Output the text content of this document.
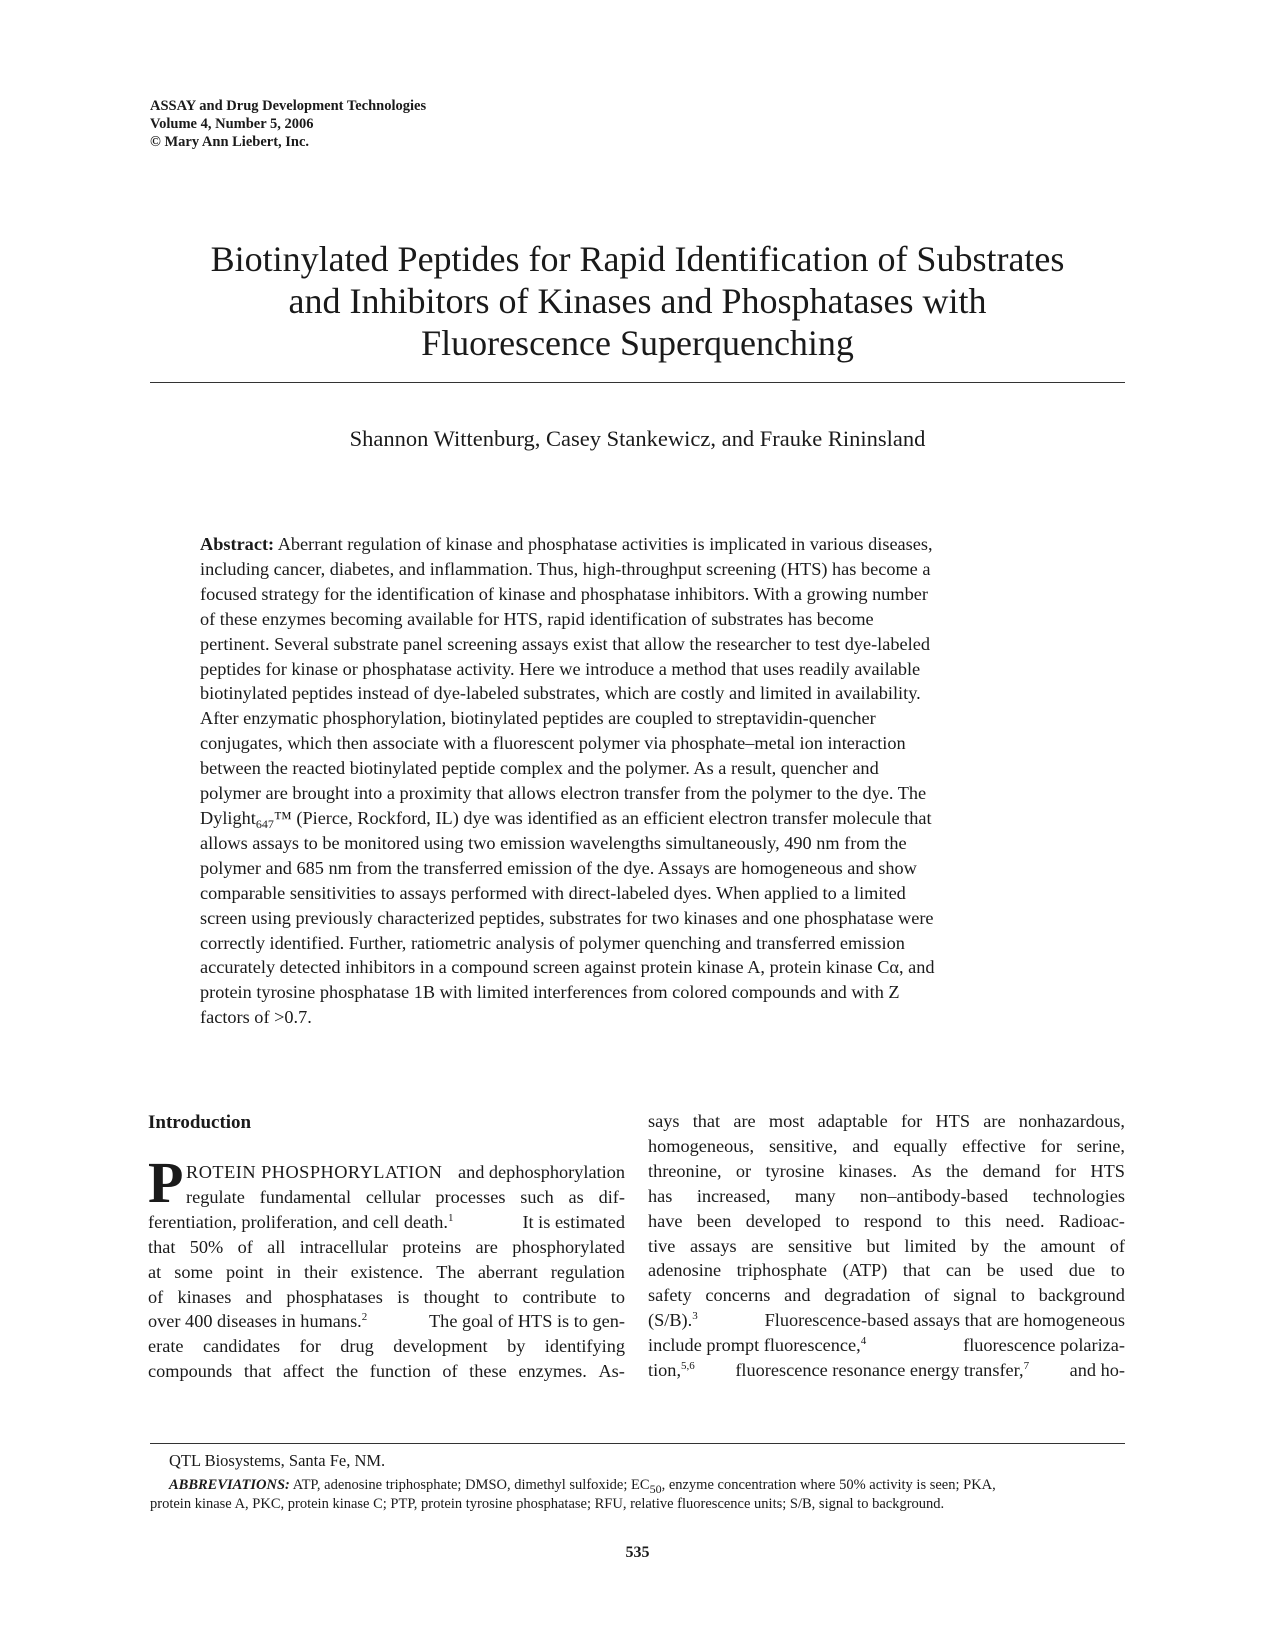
ASSAY and Drug Development Technologies
Volume 4, Number 5, 2006
© Mary Ann Liebert, Inc.
Biotinylated Peptides for Rapid Identification of Substrates
and Inhibitors of Kinases and Phosphatases with
Fluorescence Superquenching
Shannon Wittenburg, Casey Stankewicz, and Frauke Rininsland
Abstract: Aberrant regulation of kinase and phosphatase activities is implicated in various diseases,
including cancer, diabetes, and inflammation. Thus, high-throughput screening (HTS) has become a
focused strategy for the identification of kinase and phosphatase inhibitors. With a growing number
of these enzymes becoming available for HTS, rapid identification of substrates has become
pertinent. Several substrate panel screening assays exist that allow the researcher to test dye-labeled
peptides for kinase or phosphatase activity. Here we introduce a method that uses readily available
biotinylated peptides instead of dye-labeled substrates, which are costly and limited in availability.
After enzymatic phosphorylation, biotinylated peptides are coupled to streptavidin-quencher
conjugates, which then associate with a fluorescent polymer via phosphate–metal ion interaction
between the reacted biotinylated peptide complex and the polymer. As a result, quencher and
polymer are brought into a proximity that allows electron transfer from the polymer to the dye. The
Dylight$_{647}$™ (Pierce, Rockford, IL) dye was identified as an efficient electron transfer molecule that
allows assays to be monitored using two emission wavelengths simultaneously, 490 nm from the
polymer and 685 nm from the transferred emission of the dye. Assays are homogeneous and show
comparable sensitivities to assays performed with direct-labeled dyes. When applied to a limited
screen using previously characterized peptides, substrates for two kinases and one phosphatase were
correctly identified. Further, ratiometric analysis of polymer quenching and transferred emission
accurately detected inhibitors in a compound screen against protein kinase A, protein kinase Cα, and
protein tyrosine phosphatase 1B with limited interferences from colored compounds and with Z
factors of >0.7.
Introduction
P ROTEIN PHOSPHORYLATION and dephosphorylation
regulate fundamental cellular processes such as dif-
ferentiation, proliferation, and cell death.$^1$	It is estimated
that 50% of all intracellular proteins are phosphorylated
at some point in their existence. The aberrant regulation
of kinases and phosphatases is thought to contribute to
over 400 diseases in humans.$^2$	The goal of HTS is to gen-
erate candidates for drug development by identifying
compounds that affect the function of these enzymes. As-
says that are most adaptable for HTS are nonhazardous,
homogeneous, sensitive, and equally effective for serine,
threonine, or tyrosine kinases. As the demand for HTS
has increased, many non–antibody-based technologies
have been developed to respond to this need. Radioac-
tive assays are sensitive but limited by the amount of
adenosine triphosphate (ATP) that can be used due to
safety concerns and degradation of signal to background
(S/B).$^3$	Fluorescence-based assays that are homogeneous
include prompt fluorescence,$^4$	fluorescence polariza-
tion,$^{5,6}$ fluorescence resonance energy transfer,$^7$ and ho-
QTL Biosystems, Santa Fe, NM.
ABBREVIATIONS: ATP, adenosine triphosphate; DMSO, dimethyl sulfoxide; $EC_{50}$, enzyme concentration where 50% activity is seen; PKA,
protein kinase A, PKC, protein kinase C; PTP, protein tyrosine phosphatase; RFU, relative fluorescence units; S/B, signal to background.
535
